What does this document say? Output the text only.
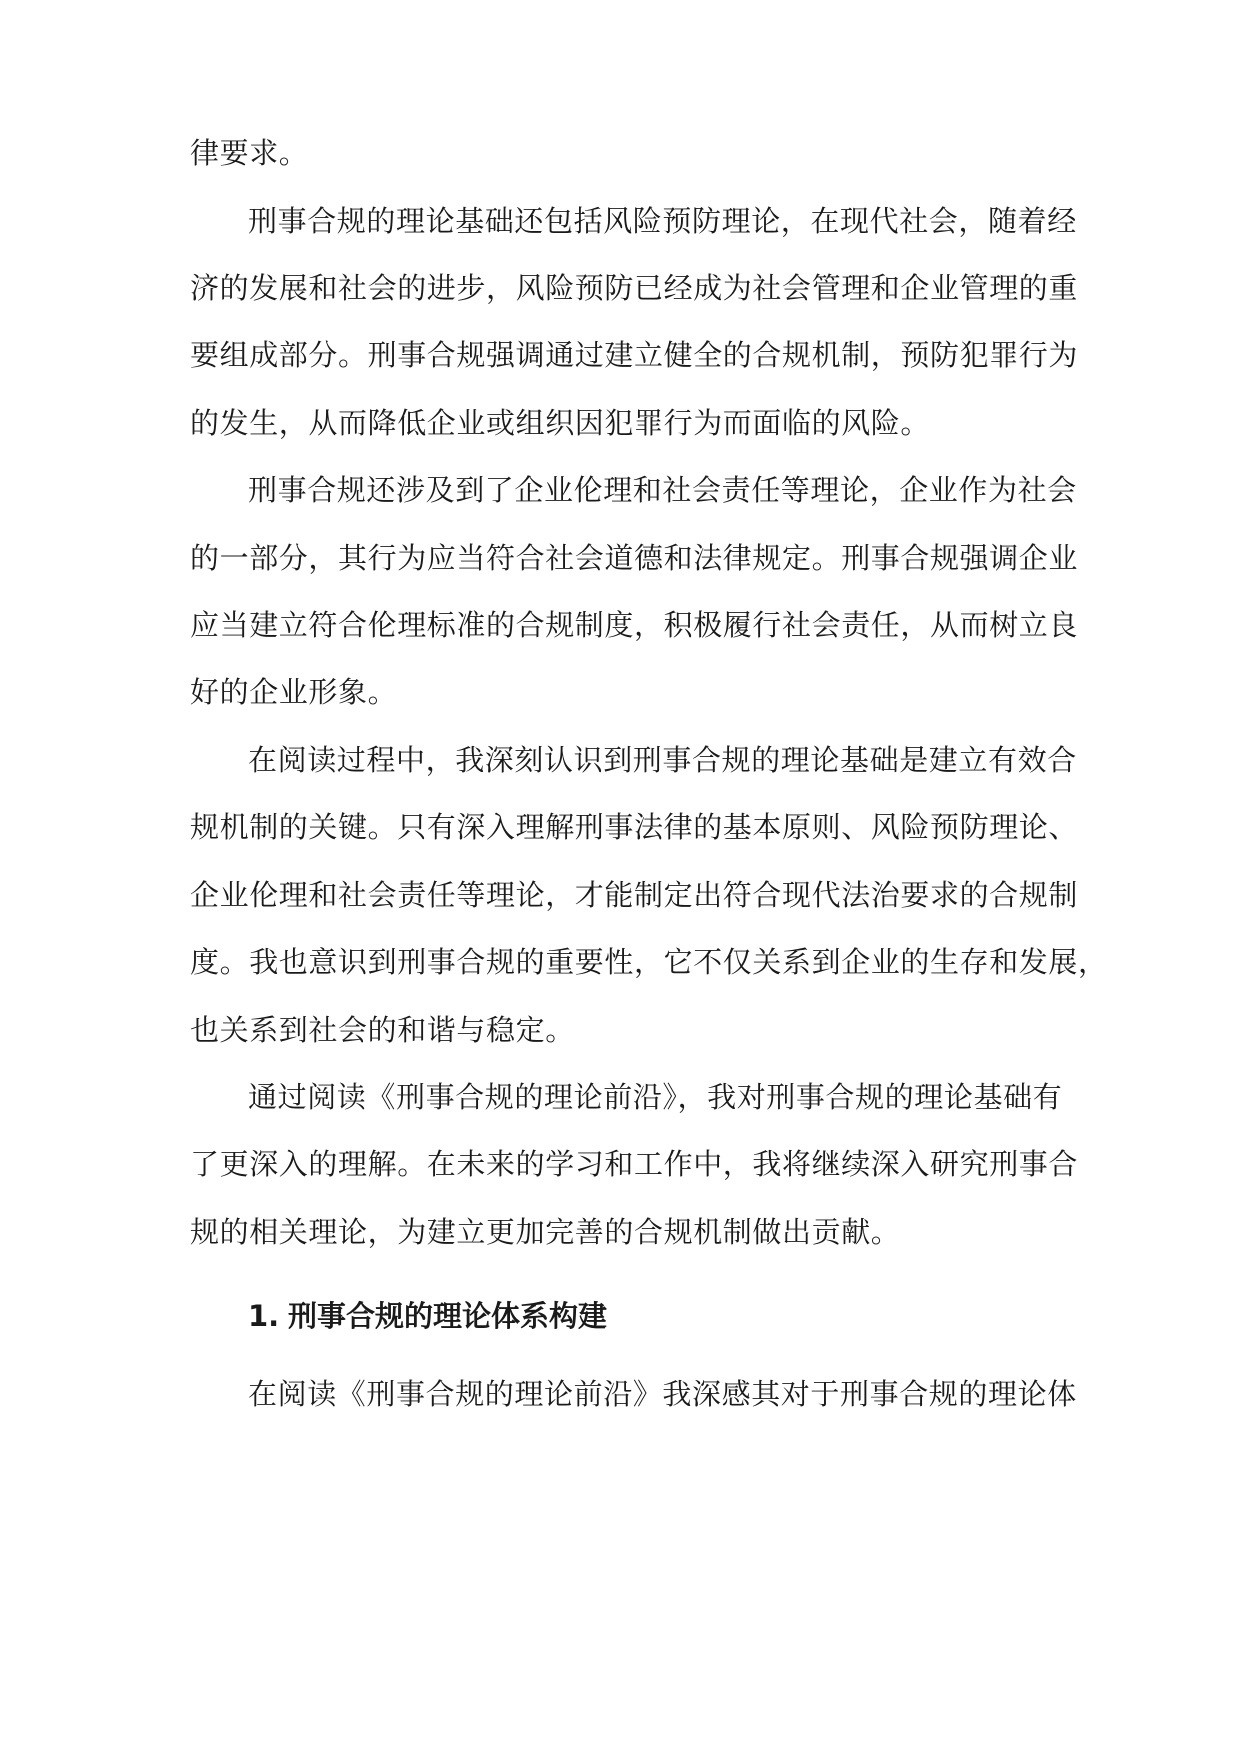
律要求。
刑事合规的理论基础还包括风险预防理论，在现代社会，随着经
济的发展和社会的进步，风险预防已经成为社会管理和企业管理的重
要组成部分。刑事合规强调通过建立健全的合规机制，预防犯罪行为
的发生，从而降低企业或组织因犯罪行为而面临的风险。
刑事合规还涉及到了企业伦理和社会责任等理论，企业作为社会
的一部分，其行为应当符合社会道德和法律规定。刑事合规强调企业
应当建立符合伦理标准的合规制度，积极履行社会责任，从而树立良
好的企业形象。
在阅读过程中，我深刻认识到刑事合规的理论基础是建立有效合
规机制的关键。只有深入理解刑事法律的基本原则、风险预防理论、
企业伦理和社会责任等理论，才能制定出符合现代法治要求的合规制
度。我也意识到刑事合规的重要性，它不仅关系到企业的生存和发展，
也关系到社会的和谐与稳定。
通过阅读《刑事合规的理论前沿》，我对刑事合规的理论基础有
了更深入的理解。在未来的学习和工作中，我将继续深入研究刑事合
规的相关理论，为建立更加完善的合规机制做出贡献。
1. 刑事合规的理论体系构建
在阅读《刑事合规的理论前沿》我深感其对于刑事合规的理论体
